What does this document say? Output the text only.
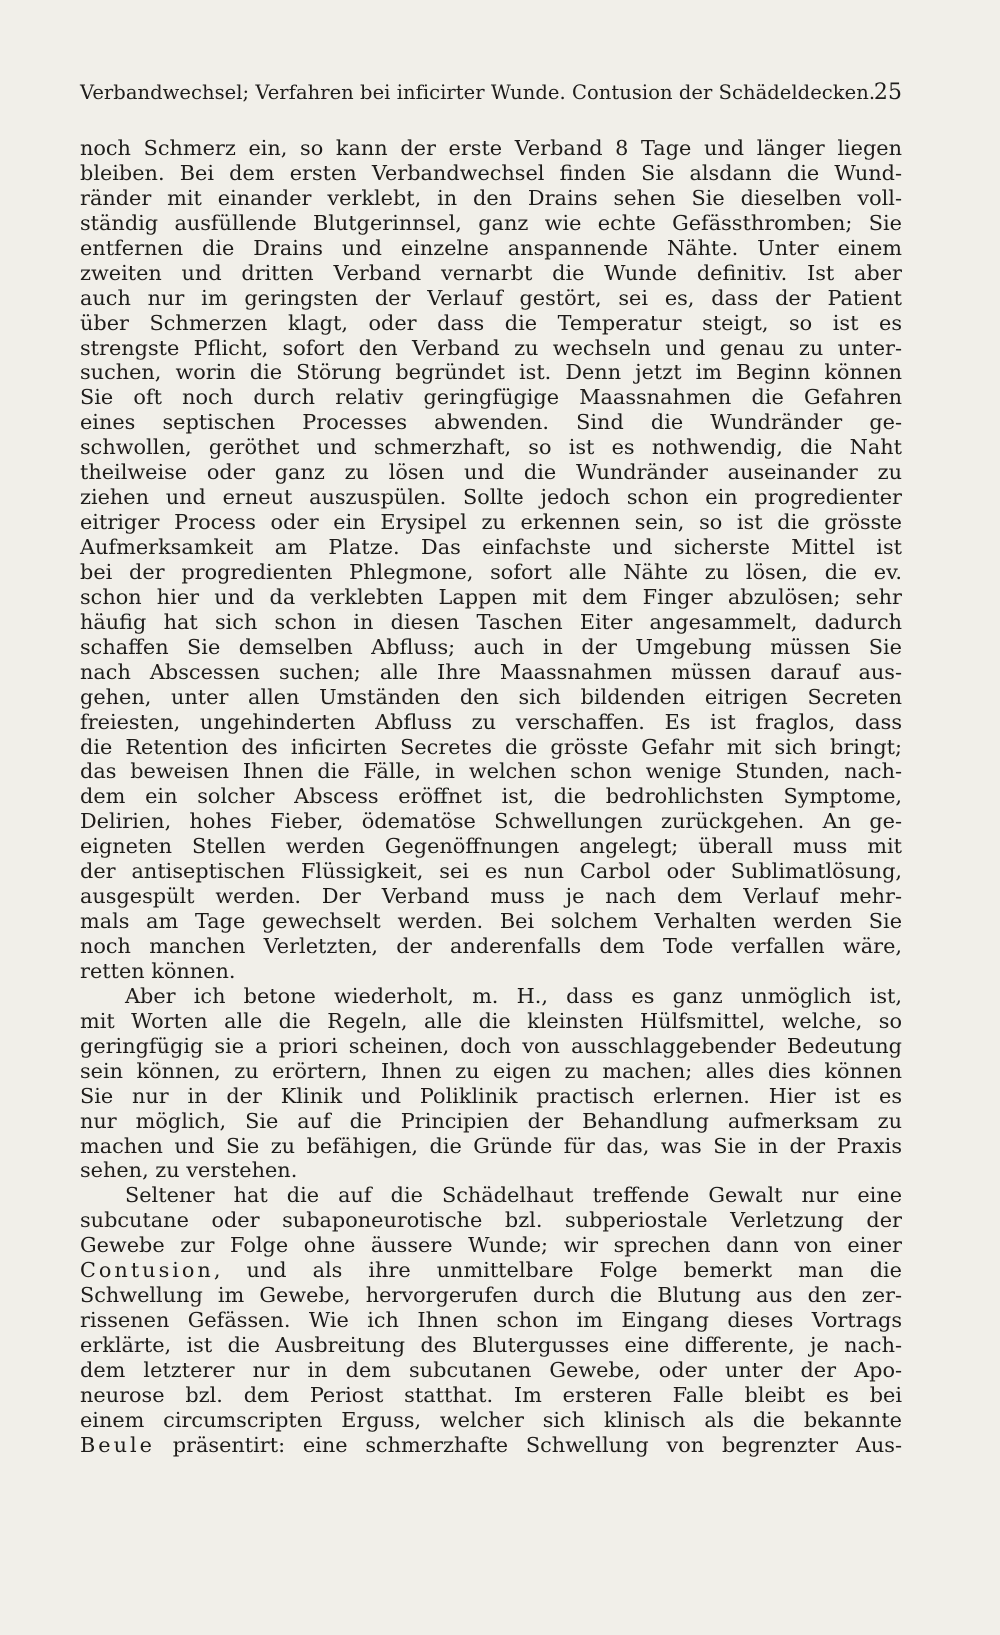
Verbandwechsel; Verfahren bei inficirter Wunde. Contusion der Schädeldecken.
25
noch Schmerz ein, so kann der erste Verband 8 Tage und länger liegen
bleiben. Bei dem ersten Verbandwechsel finden Sie alsdann die Wund-
ränder mit einander verklebt, in den Drains sehen Sie dieselben voll-
ständig ausfüllende Blutgerinnsel, ganz wie echte Gefässthromben; Sie
entfernen die Drains und einzelne anspannende Nähte. Unter einem
zweiten und dritten Verband vernarbt die Wunde definitiv. Ist aber
auch nur im geringsten der Verlauf gestört, sei es, dass der Patient
über Schmerzen klagt, oder dass die Temperatur steigt, so ist es
strengste Pflicht, sofort den Verband zu wechseln und genau zu unter-
suchen, worin die Störung begründet ist. Denn jetzt im Beginn können
Sie oft noch durch relativ geringfügige Maassnahmen die Gefahren
eines septischen Processes abwenden. Sind die Wundränder ge-
schwollen, geröthet und schmerzhaft, so ist es nothwendig, die Naht
theilweise oder ganz zu lösen und die Wundränder auseinander zu
ziehen und erneut auszuspülen. Sollte jedoch schon ein progredienter
eitriger Process oder ein Erysipel zu erkennen sein, so ist die grösste
Aufmerksamkeit am Platze. Das einfachste und sicherste Mittel ist
bei der progredienten Phlegmone, sofort alle Nähte zu lösen, die ev.
schon hier und da verklebten Lappen mit dem Finger abzulösen; sehr
häufig hat sich schon in diesen Taschen Eiter angesammelt, dadurch
schaffen Sie demselben Abfluss; auch in der Umgebung müssen Sie
nach Abscessen suchen; alle Ihre Maassnahmen müssen darauf aus-
gehen, unter allen Umständen den sich bildenden eitrigen Secreten
freiesten, ungehinderten Abfluss zu verschaffen. Es ist fraglos, dass
die Retention des inficirten Secretes die grösste Gefahr mit sich bringt;
das beweisen Ihnen die Fälle, in welchen schon wenige Stunden, nach-
dem ein solcher Abscess eröffnet ist, die bedrohlichsten Symptome,
Delirien, hohes Fieber, ödematöse Schwellungen zurückgehen. An ge-
eigneten Stellen werden Gegenöffnungen angelegt; überall muss mit
der antiseptischen Flüssigkeit, sei es nun Carbol oder Sublimatlösung,
ausgespült werden. Der Verband muss je nach dem Verlauf mehr-
mals am Tage gewechselt werden. Bei solchem Verhalten werden Sie
noch manchen Verletzten, der anderenfalls dem Tode verfallen wäre,
retten können.
Aber ich betone wiederholt, m. H., dass es ganz unmöglich ist,
mit Worten alle die Regeln, alle die kleinsten Hülfsmittel, welche, so
geringfügig sie a priori scheinen, doch von ausschlaggebender Bedeutung
sein können, zu erörtern, Ihnen zu eigen zu machen; alles dies können
Sie nur in der Klinik und Poliklinik practisch erlernen. Hier ist es
nur möglich, Sie auf die Principien der Behandlung aufmerksam zu
machen und Sie zu befähigen, die Gründe für das, was Sie in der Praxis
sehen, zu verstehen.
Seltener hat die auf die Schädelhaut treffende Gewalt nur eine
subcutane oder subaponeurotische bzl. subperiostale Verletzung der
Gewebe zur Folge ohne äussere Wunde; wir sprechen dann von einer
Contusion, und als ihre unmittelbare Folge bemerkt man die
Schwellung im Gewebe, hervorgerufen durch die Blutung aus den zer-
rissenen Gefässen. Wie ich Ihnen schon im Eingang dieses Vortrags
erklärte, ist die Ausbreitung des Blutergusses eine differente, je nach-
dem letzterer nur in dem subcutanen Gewebe, oder unter der Apo-
neurose bzl. dem Periost statthat. Im ersteren Falle bleibt es bei
einem circumscripten Erguss, welcher sich klinisch als die bekannte
Beule präsentirt: eine schmerzhafte Schwellung von begrenzter Aus-
